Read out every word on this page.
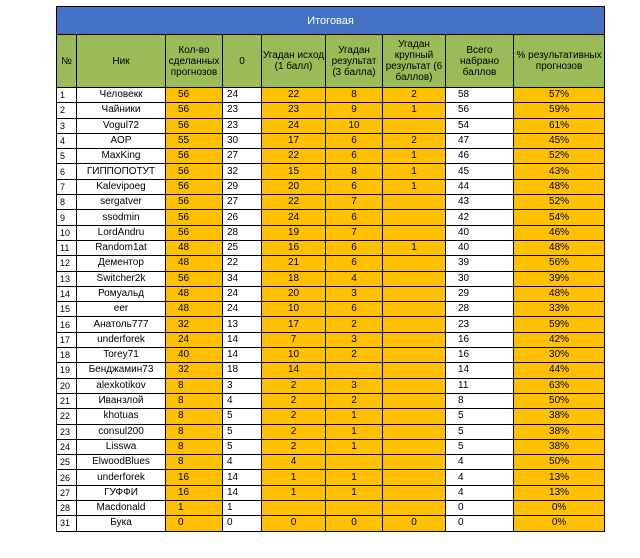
Итоговая								
№	Ник	Кол-во сделанных прогнозов	0	Угадан исход (1 балл)	Угадан результат (3 балла)	Угадан крупный результат (6 баллов)	Всего набрано баллов	% результативных прогнозов
1	Человекк	56	24	22	8	2	58	57%
2	Чайники	56	23	23	9	1	56	59%
3	Vogul72	56	23	24	10		54	61%
4	АОР	55	30	17	6	2	47	45%
5	MaxKing	56	27	22	6	1	46	52%
6	ГИППОПОТУТ	56	32	15	8	1	45	43%
7	Kalevipoeg	56	29	20	6	1	44	48%
8	sergatver	56	27	22	7		43	52%
9	ssodmin	56	26	24	6		42	54%
10	LordAndru	56	28	19	7		40	46%
11	Random1at	48	25	16	6	1	40	48%
12	Дементор	48	22	21	6		39	56%
13	Switcher2k	56	34	18	4		30	39%
14	Ромуальд	48	24	20	3		29	48%
15	eer	48	24	10	6		28	33%
16	Анатоль777	32	13	17	2		23	59%
17	underforek	24	14	7	3		16	42%
18	Torey71	40	14	10	2		16	30%
19	Бенджамин73	32	18	14			14	44%
20	alexkotikov	8	3	2	3		11	63%
21	Иванзлой	8	4	2	2		8	50%
22	khotuas	8	5	2	1		5	38%
23	consul200	8	5	2	1		5	38%
24	Lisswa	8	5	2	1		5	38%
25	ElwoodBlues	8	4	4			4	50%
26	underforek	16	14	1	1		4	13%
27	ГУФФИ	16	14	1	1		4	13%
28	Macdonald	1	1				0	0%
31	Бука	0	0	0	0	0	0	0%
